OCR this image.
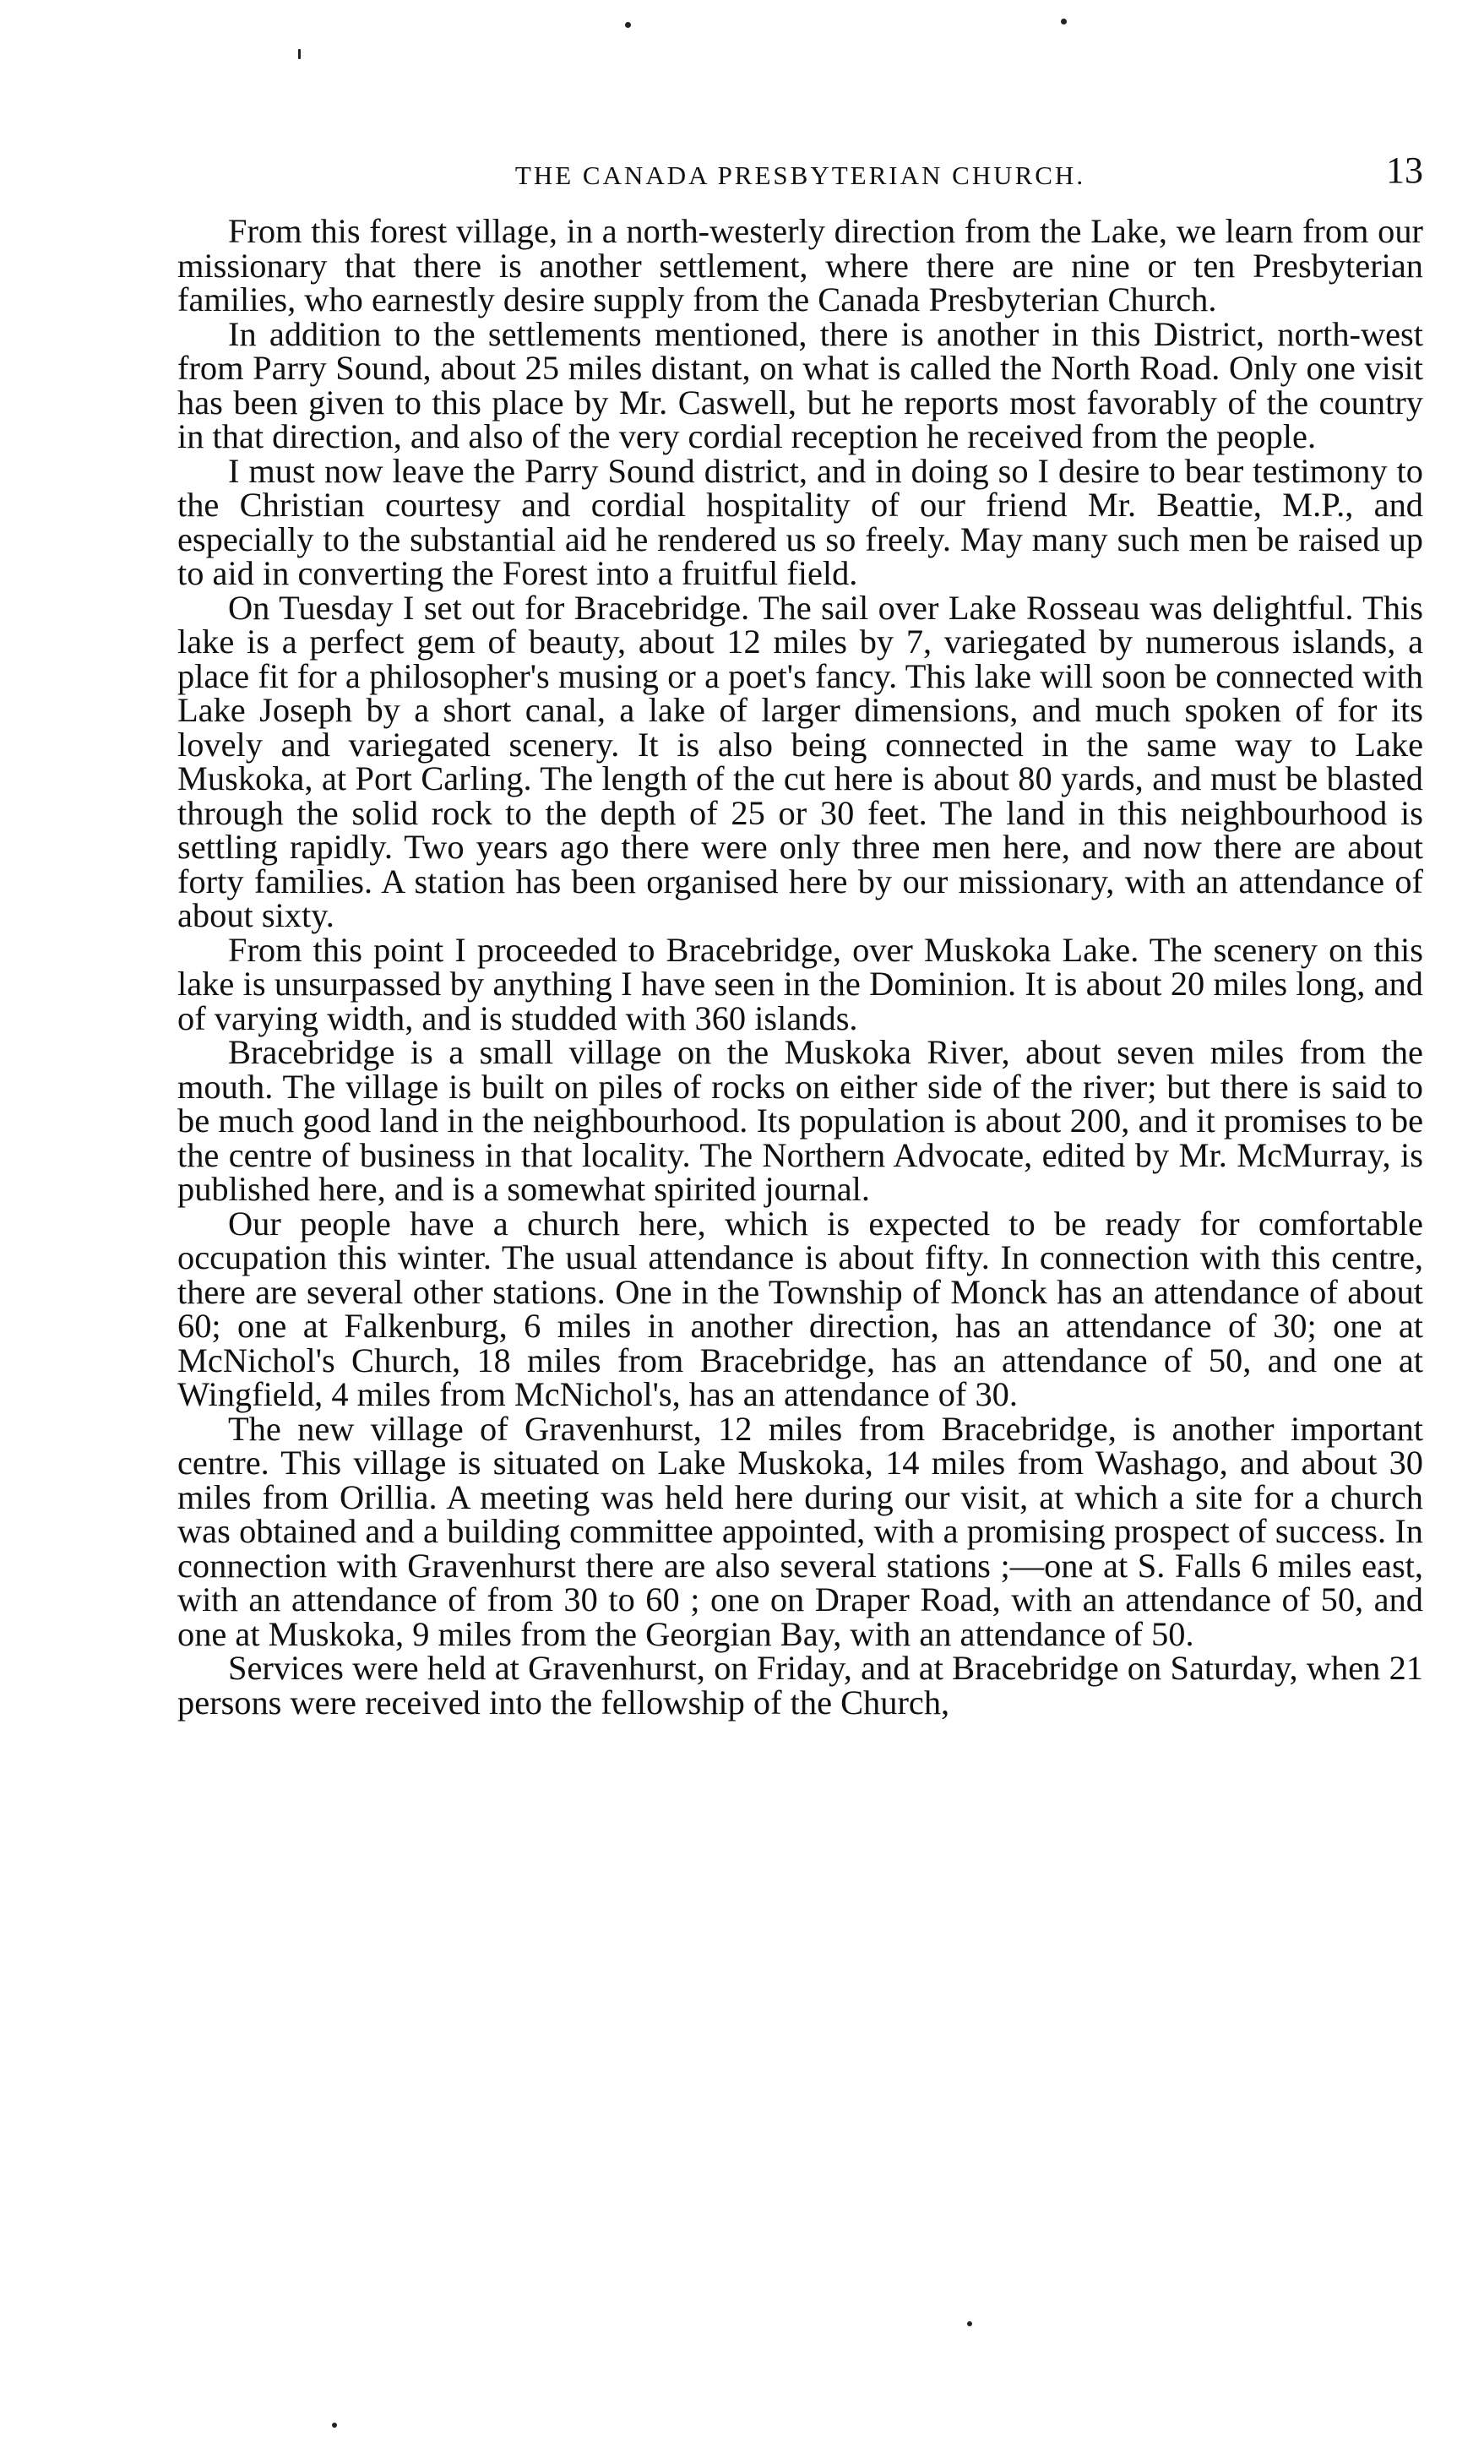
THE CANADA PRESBYTERIAN CHURCH.	13

From this forest village, in a north-westerly direction from the Lake, we learn from our missionary that there is another settlement, where there are nine or ten Presbyterian families, who earnestly desire supply from the Canada Presbyterian Church.

In addition to the settlements mentioned, there is another in this District, north-west from Parry Sound, about 25 miles distant, on what is called the North Road. Only one visit has been given to this place by Mr. Caswell, but he reports most favorably of the country in that direction, and also of the very cordial reception he received from the people.

I must now leave the Parry Sound district, and in doing so I desire to bear testimony to the Christian courtesy and cordial hospitality of our friend Mr. Beattie, M.P., and especially to the substantial aid he rendered us so freely. May many such men be raised up to aid in converting the Forest into a fruitful field.

On Tuesday I set out for Bracebridge. The sail over Lake Rosseau was delightful. This lake is a perfect gem of beauty, about 12 miles by 7, variegated by numerous islands, a place fit for a philosopher's musing or a poet's fancy. This lake will soon be connected with Lake Joseph by a short canal, a lake of larger dimensions, and much spoken of for its lovely and variegated scenery. It is also being connected in the same way to Lake Muskoka, at Port Carling. The length of the cut here is about 80 yards, and must be blasted through the solid rock to the depth of 25 or 30 feet. The land in this neighbourhood is settling rapidly. Two years ago there were only three men here, and now there are about forty families. A station has been organised here by our missionary, with an attendance of about sixty.

From this point I proceeded to Bracebridge, over Muskoka Lake. The scenery on this lake is unsurpassed by anything I have seen in the Dominion. It is about 20 miles long, and of varying width, and is studded with 360 islands.

Bracebridge is a small village on the Muskoka River, about seven miles from the mouth. The village is built on piles of rocks on either side of the river; but there is said to be much good land in the neighbourhood. Its population is about 200, and it promises to be the centre of business in that locality. The Northern Advocate, edited by Mr. McMurray, is published here, and is a somewhat spirited journal.

Our people have a church here, which is expected to be ready for comfortable occupation this winter. The usual attendance is about fifty. In connection with this centre, there are several other stations. One in the Township of Monck has an attendance of about 60; one at Falkenburg, 6 miles in another direction, has an attendance of 30; one at McNichol's Church, 18 miles from Bracebridge, has an attendance of 50, and one at Wingfield, 4 miles from McNichol's, has an attendance of 30.

The new village of Gravenhurst, 12 miles from Bracebridge, is another important centre. This village is situated on Lake Muskoka, 14 miles from Washago, and about 30 miles from Orillia. A meeting was held here during our visit, at which a site for a church was obtained and a building committee appointed, with a promising prospect of success. In connection with Gravenhurst there are also several stations ;—one at S. Falls 6 miles east, with an attendance of from 30 to 60 ; one on Draper Road, with an attendance of 50, and one at Muskoka, 9 miles from the Georgian Bay, with an attendance of 50.

Services were held at Gravenhurst, on Friday, and at Bracebridge on Saturday, when 21 persons were received into the fellowship of the Church,
